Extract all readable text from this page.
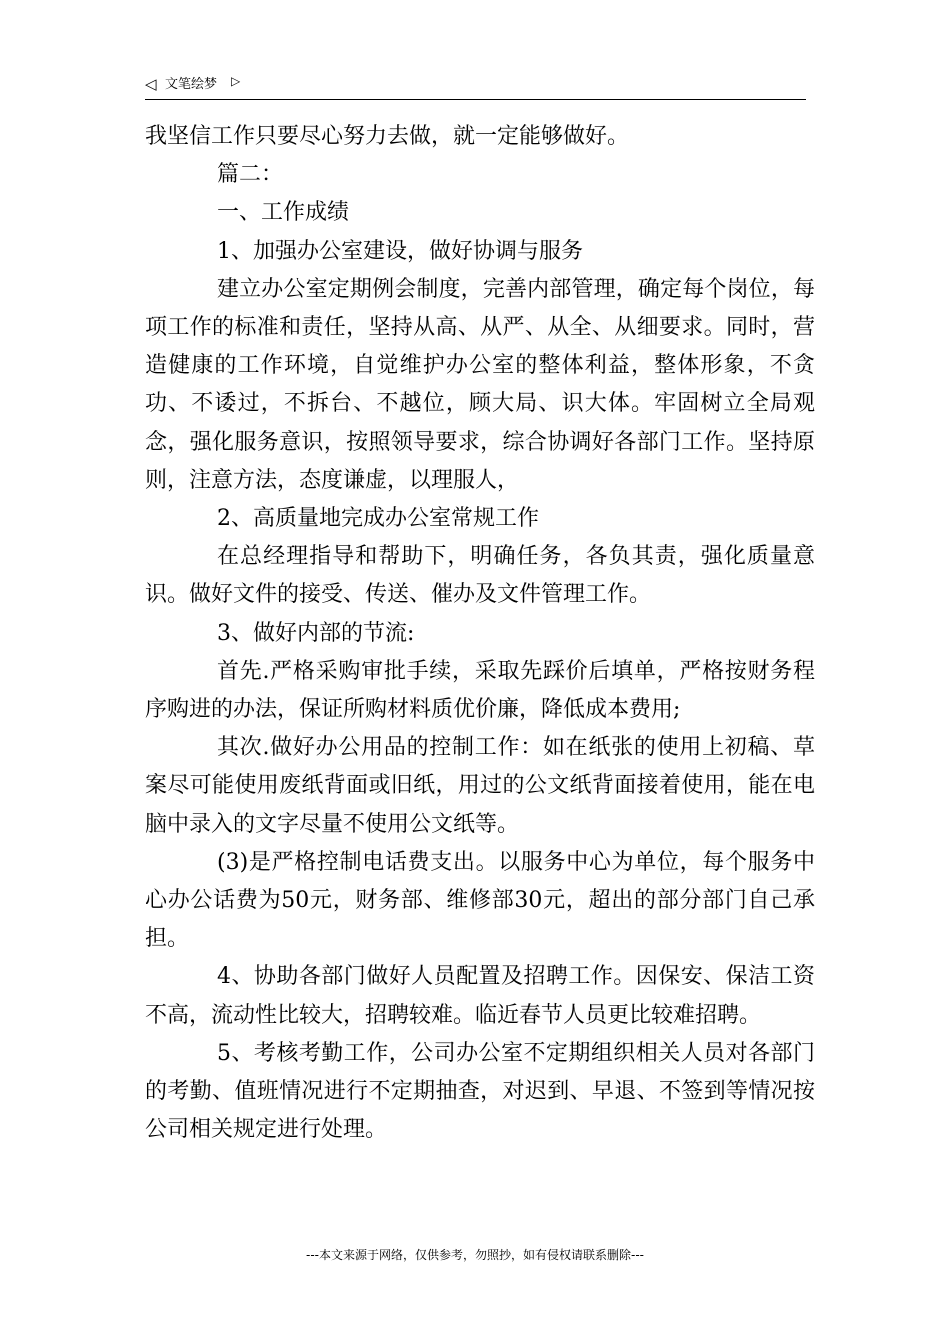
◁ 文笔绘梦 ▷

我坚信工作只要尽心努力去做，就一定能够做好。

篇二：

一、工作成绩

1、加强办公室建设，做好协调与服务

建立办公室定期例会制度，完善内部管理，确定每个岗位，每项工作的标准和责任，坚持从高、从严、从全、从细要求。同时，营造健康的工作环境，自觉维护办公室的整体利益，整体形象，不贪功、不诿过，不拆台、不越位，顾大局、识大体。牢固树立全局观念，强化服务意识，按照领导要求，综合协调好各部门工作。坚持原则，注意方法，态度谦虚，以理服人，

2、高质量地完成办公室常规工作

在总经理指导和帮助下，明确任务，各负其责，强化质量意识。做好文件的接受、传送、催办及文件管理工作。

3、做好内部的节流:

首先.严格采购审批手续，采取先踩价后填单，严格按财务程序购进的办法，保证所购材料质优价廉，降低成本费用;

其次.做好办公用品的控制工作：如在纸张的使用上初稿、草案尽可能使用废纸背面或旧纸，用过的公文纸背面接着使用，能在电脑中录入的文字尽量不使用公文纸等。

(3)是严格控制电话费支出。以服务中心为单位，每个服务中心办公话费为50元，财务部、维修部30元，超出的部分部门自己承担。

4、协助各部门做好人员配置及招聘工作。因保安、保洁工资不高，流动性比较大，招聘较难。临近春节人员更比较难招聘。

5、考核考勤工作，公司办公室不定期组织相关人员对各部门的考勤、值班情况进行不定期抽查，对迟到、早退、不签到等情况按公司相关规定进行处理。

---本文来源于网络，仅供参考，勿照抄，如有侵权请联系删除---
